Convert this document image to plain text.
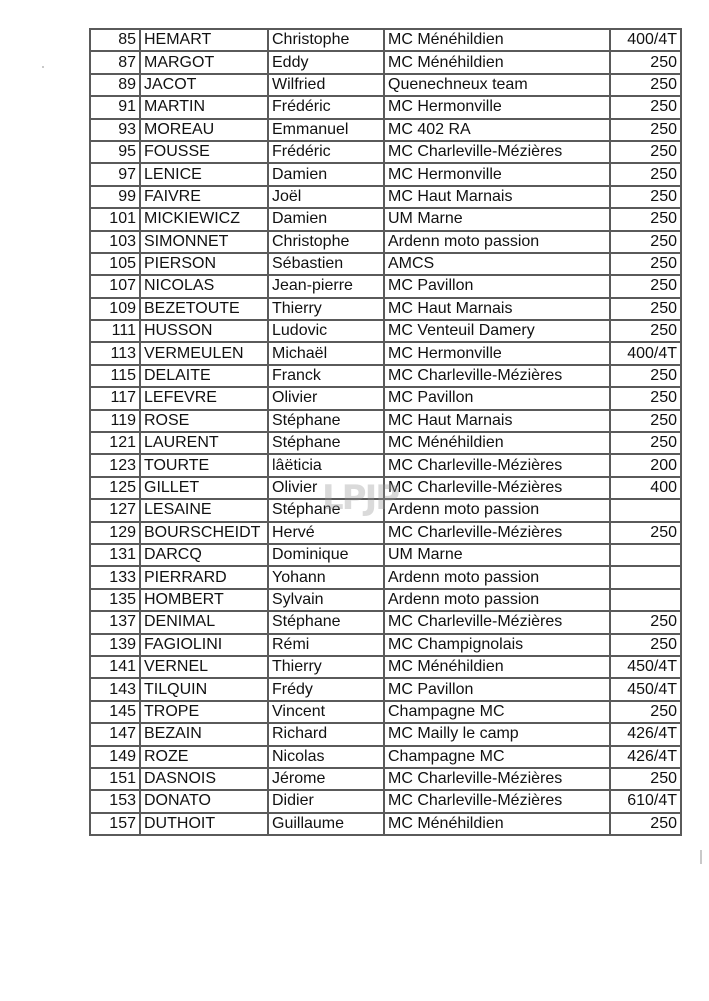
85	HEMART	Christophe	MC Ménéhildien	400/4T
87	MARGOT	Eddy	MC Ménéhildien	250
89	JACOT	Wilfried	Quenechneux team	250
91	MARTIN	Frédéric	MC Hermonville	250
93	MOREAU	Emmanuel	MC 402 RA	250
95	FOUSSE	Frédéric	MC Charleville-Mézières	250
97	LENICE	Damien	MC Hermonville	250
99	FAIVRE	Joël	MC Haut Marnais	250
101	MICKIEWICZ	Damien	UM Marne	250
103	SIMONNET	Christophe	Ardenn moto passion	250
105	PIERSON	Sébastien	AMCS	250
107	NICOLAS	Jean-pierre	MC Pavillon	250
109	BEZETOUTE	Thierry	MC Haut Marnais	250
111	HUSSON	Ludovic	MC Venteuil Damery	250
113	VERMEULEN	Michaël	MC Hermonville	400/4T
115	DELAITE	Franck	MC Charleville-Mézières	250
117	LEFEVRE	Olivier	MC Pavillon	250
119	ROSE	Stéphane	MC Haut Marnais	250
121	LAURENT	Stéphane	MC Ménéhildien	250
123	TOURTE	lâëticia	MC Charleville-Mézières	200
125	GILLET	Olivier	MC Charleville-Mézières	400
127	LESAINE	Stéphane	Ardenn moto passion	
129	BOURSCHEIDT	Hervé	MC Charleville-Mézières	250
131	DARCQ	Dominique	UM Marne	
133	PIERRARD	Yohann	Ardenn moto passion	
135	HOMBERT	Sylvain	Ardenn moto passion	
137	DENIMAL	Stéphane	MC Charleville-Mézières	250
139	FAGIOLINI	Rémi	MC Champignolais	250
141	VERNEL	Thierry	MC Ménéhildien	450/4T
143	TILQUIN	Frédy	MC Pavillon	450/4T
145	TROPE	Vincent	Champagne MC	250
147	BEZAIN	Richard	MC Mailly le camp	426/4T
149	ROZE	Nicolas	Champagne MC	426/4T
151	DASNOIS	Jérome	MC Charleville-Mézières	250
153	DONATO	Didier	MC Charleville-Mézières	610/4T
157	DUTHOIT	Guillaume	MC Ménéhildien	250
LPJP
